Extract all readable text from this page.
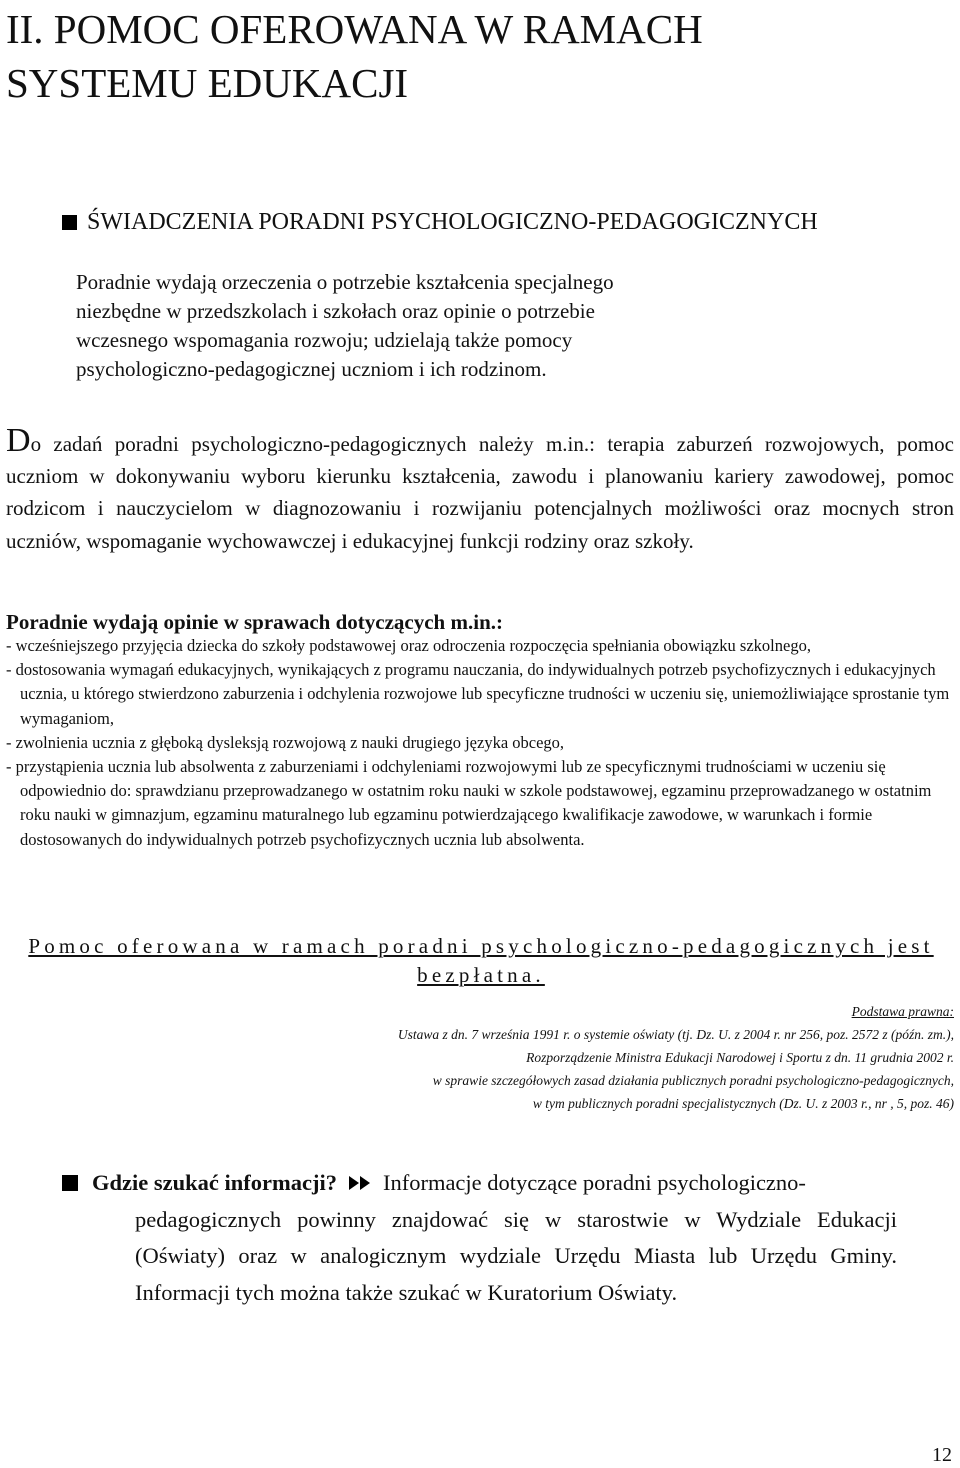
II. POMOC OFEROWANA W RAMACH
SYSTEMU EDUKACJI
ŚWIADCZENIA PORADNI PSYCHOLOGICZNO-PEDAGOGICZNYCH
Poradnie wydają orzeczenia o potrzebie kształcenia specjalnego
niezbędne w przedszkolach i szkołach oraz opinie o potrzebie
wczesnego wspomagania rozwoju; udzielają także pomocy
psychologiczno-pedagogicznej uczniom i ich rodzinom.
Do zadań poradni psychologiczno-pedagogicznych należy m.in.: terapia zaburzeń rozwojowych, pomoc uczniom w dokonywaniu wyboru kierunku kształcenia, zawodu i planowaniu kariery zawodowej, pomoc rodzicom i nauczycielom w diagnozowaniu i rozwijaniu potencjalnych możliwości oraz mocnych stron uczniów, wspomaganie wychowawczej i edukacyjnej funkcji rodziny oraz szkoły.
Poradnie wydają opinie w sprawach dotyczących m.in.:
- wcześniejszego przyjęcia dziecka do szkoły podstawowej oraz odroczenia rozpoczęcia spełniania obowiązku szkolnego,
- dostosowania wymagań edukacyjnych, wynikających z programu nauczania, do indywidualnych potrzeb psychofizycznych i edukacyjnych ucznia, u którego stwierdzono zaburzenia i odchylenia rozwojowe lub specyficzne trudności w uczeniu się, uniemożliwiające sprostanie tym wymaganiom,
- zwolnienia ucznia z głęboką dysleksją rozwojową z nauki drugiego języka obcego,
- przystąpienia ucznia lub absolwenta z zaburzeniami i odchyleniami rozwojowymi lub ze specyficznymi trudnościami w uczeniu się odpowiednio do: sprawdzianu przeprowadzanego w ostatnim roku nauki w szkole podstawowej, egzaminu przeprowadzanego w ostatnim roku nauki w gimnazjum, egzaminu maturalnego lub egzaminu potwierdzającego kwalifikacje zawodowe, w warunkach i formie dostosowanych do indywidualnych potrzeb psychofizycznych ucznia lub absolwenta.
Pomoc oferowana w ramach poradni psychologiczno-pedagogicznych jest
bezpłatna.
Podstawa prawna:
Ustawa z dn. 7 września 1991 r. o systemie oświaty (tj. Dz. U. z 2004 r. nr 256, poz. 2572 z (późn. zm.),
Rozporządzenie Ministra Edukacji Narodowej i Sportu z dn. 11 grudnia 2002 r.
w sprawie szczegółowych zasad działania publicznych poradni psychologiczno-pedagogicznych,
w tym publicznych poradni specjalistycznych (Dz. U. z 2003 r., nr , 5, poz. 46)
Gdzie szukać informacji? Informacje dotyczące poradni psychologiczno-
pedagogicznych powinny znajdować się w starostwie w Wydziale Edukacji (Oświaty) oraz w analogicznym wydziale Urzędu Miasta lub Urzędu Gminy. Informacji tych można także szukać w Kuratorium Oświaty.
12
